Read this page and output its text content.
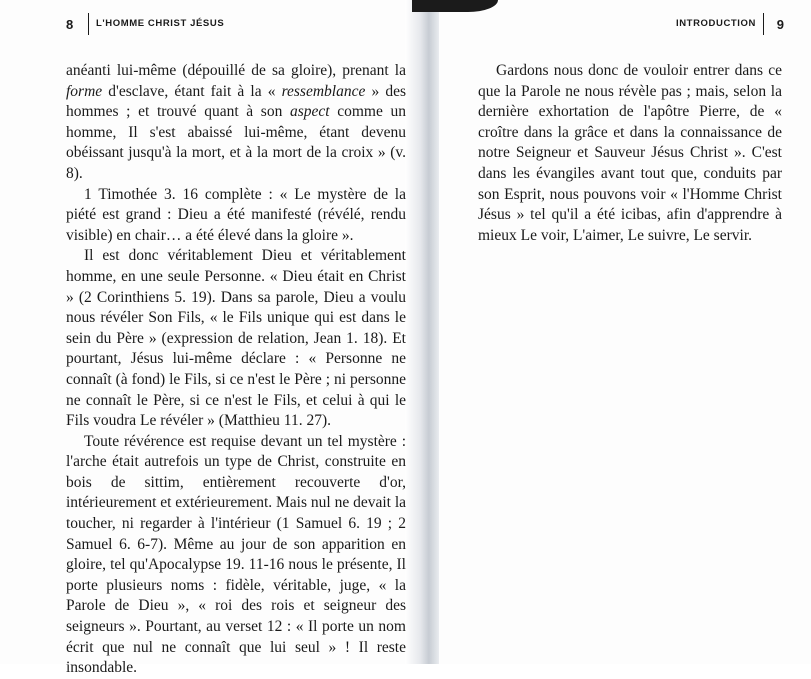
8 L'HOMME CHRIST JÉSUS	INTRODUCTION 9

anéanti lui-même (dépouillé de sa gloire), prenant la forme d'esclave, étant fait à la « ressemblance » des hommes ; et trouvé quant à son aspect comme un homme, Il s'est abaissé lui-même, étant devenu obéissant jusqu'à la mort, et à la mort de la croix » (v. 8).

1 Timothée 3. 16 complète : « Le mystère de la piété est grand : Dieu a été manifesté (révélé, rendu visible) en chair… a été élevé dans la gloire ».

Il est donc véritablement Dieu et véritablement homme, en une seule Personne. « Dieu était en Christ » (2 Corinthiens 5. 19). Dans sa parole, Dieu a voulu nous révéler Son Fils, « le Fils unique qui est dans le sein du Père » (expression de relation, Jean 1. 18). Et pourtant, Jésus lui-même déclare : « Personne ne connaît (à fond) le Fils, si ce n'est le Père ; ni personne ne connaît le Père, si ce n'est le Fils, et celui à qui le Fils voudra Le révéler » (Matthieu 11. 27).

Toute révérence est requise devant un tel mystère : l'arche était autrefois un type de Christ, construite en bois de sittim, entièrement recouverte d'or, intérieurement et extérieurement. Mais nul ne devait la toucher, ni regarder à l'intérieur (1 Samuel 6. 19 ; 2 Samuel 6. 6-7). Même au jour de son apparition en gloire, tel qu'Apocalypse 19. 11-16 nous le présente, Il porte plusieurs noms : fidèle, véritable, juge, « la Parole de Dieu », « roi des rois et seigneur des seigneurs ». Pourtant, au verset 12 : « Il porte un nom écrit que nul ne connaît que lui seul » ! Il reste insondable.

Gardons nous donc de vouloir entrer dans ce que la Parole ne nous révèle pas ; mais, selon la dernière exhortation de l'apôtre Pierre, de « croître dans la grâce et dans la connaissance de notre Seigneur et Sauveur Jésus Christ ». C'est dans les évangiles avant tout que, conduits par son Esprit, nous pouvons voir « l'Homme Christ Jésus » tel qu'il a été icibas, afin d'apprendre à mieux Le voir, L'aimer, Le suivre, Le servir.
